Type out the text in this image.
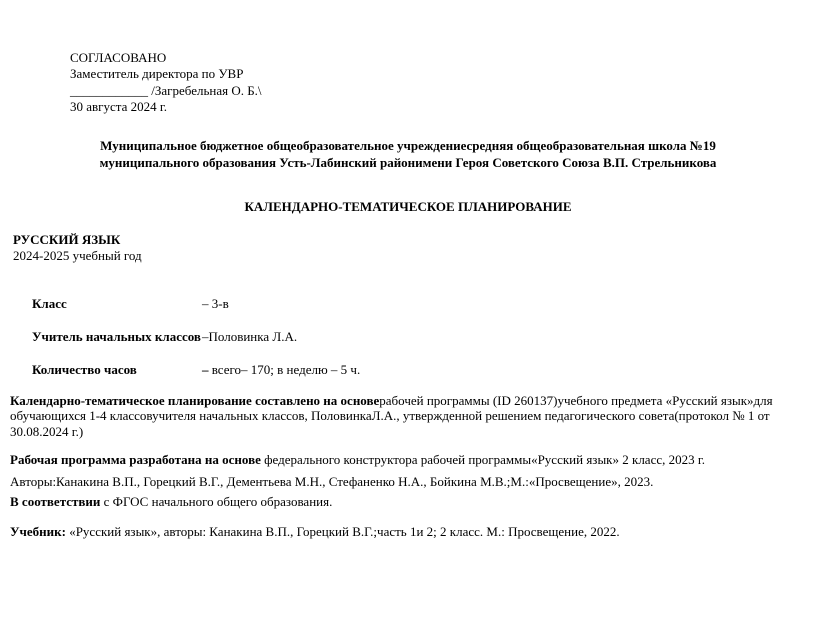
СОГЛАСОВАНО
Заместитель директора по УВР
____________ /Загребельная О. Б.\
30 августа 2024 г.
Муниципальное бюджетное общеобразовательное учреждениесредняя общеобразовательная школа №19
муниципального образования Усть-Лабинский районимени Героя Советского Союза В.П. Стрельникова
КАЛЕНДАРНО-ТЕМАТИЧЕСКОЕ ПЛАНИРОВАНИЕ
РУССКИЙ ЯЗЫК
2024-2025 учебный год
Класс	– 3-в
Учитель начальных классов –Половинка Л.А.
Количество часов	– всего– 170; в неделю – 5 ч.
Календарно-тематическое планирование составлено на основерабочей программы (ID 260137)учебного предмета «Русский язык»для обучающихся 1-4 классовучителя начальных классов, ПоловинкаЛ.А., утвержденной решением педагогического совета(протокол № 1 от 30.08.2024 г.)
Рабочая программа разработана на основе федерального конструктора рабочей программы«Русский язык» 2 класс, 2023 г.
Авторы:Канакина В.П., Горецкий В.Г., Дементьева М.Н., Стефаненко Н.А., Бойкина М.В.;М.:«Просвещение», 2023.
В соответствии с ФГОС начального общего образования.
Учебник: «Русский язык», авторы: Канакина В.П., Горецкий В.Г.;часть 1и 2; 2 класс. М.: Просвещение, 2022.
